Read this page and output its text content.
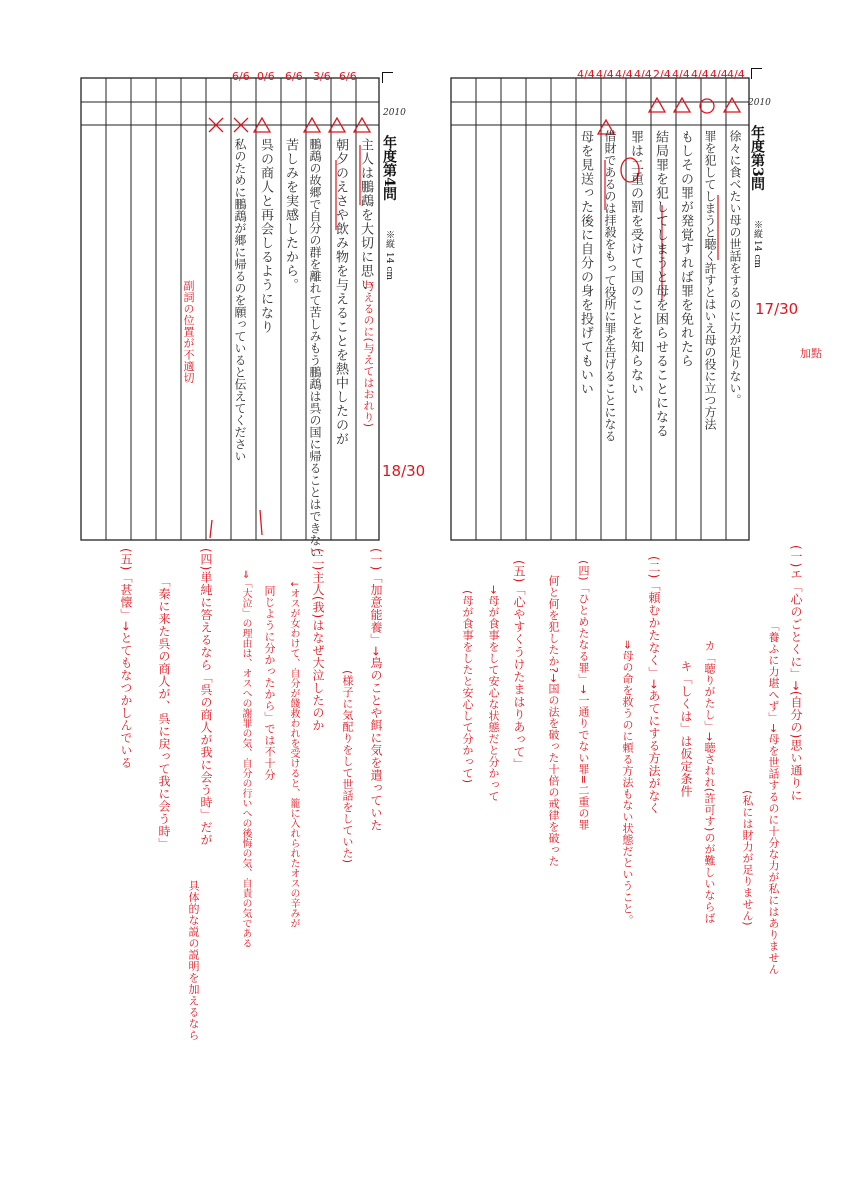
2010
6/6 0/6 6/6 3/6 6/6
主人は鵬鵡を大切に思い
朝夕のえさや飲み物を与えることを熱中したのが
鵬鵡の故郷で自分の群を離れて苦しみもう鵬鵡は呉の国に帰ることはできない
苦しみを実感したから。
呉の商人と再会しるようになり
私のために鵬鵡が郷に帰るのを願っていると伝えてください	与えるのに(与えてはおれり)
副詞の位置が不適切
年度第4問
※縦
14 cm
18/30
2010
4/4 4/4 4/4 4/4 2/4 4/4 4/4 4/4 4/4
徐々に食べたい母の世話をするのに力が足りない。
罪を犯してしまうと聴く許すとはいえ母の役に立つ方法
もしその罪が発覚すれば罪を免れたら
結局罪を犯してしまうと母を困らせることになる
罪は二重の罰を受けて国のことを知らない
借財であるのは拝殺をもって役所に罪を告げることになる
母を見送った後に自分の身を投げてもいい	年度第3問
※縦
14 cm
17/30
加點
(一)エ「心のごとくに」→(自分の)思い通りに
「養ふに力堪へず」→母を世話するのに十分な力が私にはありません
(私には財力が足りません)
カ「聴りがたし」→聴されれ(許可す)のが難しいならば
キ「しくは」は仮定条件
(二)「頼むかたなく」→あてにする方法がなく
⇒母の命を救うのに頼る方法もない状態だということ。
(四)「ひとめたなる罪」→一通りでない罪=二重の罪
何と何を犯したか?→国の法を破った十倍の戒律を破った
(五)「心やすくうけたまはりあって」
→母が食事をして安心な状態だと分かって
(母が食事をしたと安心して分かって)
(一)「加意能養」→鳥のことや餌に気を遣っていた
(様子に気配りをして世話をしていた)
(二)主人(我)はなぜ大泣したのか
↓オスが女わけて、自分が餞救われを受けると、籠に入れられたオスの辛みが
同じように分かったから」では不十分
⇒「大泣」の理由は、オスへの謝罪の気、自分の行いへの後悔の気、自責の気である
(四)単純に答えるなら「呉の商人が我に会う時」だが
「秦に来た呉の商人が、呉に戻って我に会う時」
具体的な説の説明を加えるなら
(五)「甚懐」→とてもなつかしんでいる
